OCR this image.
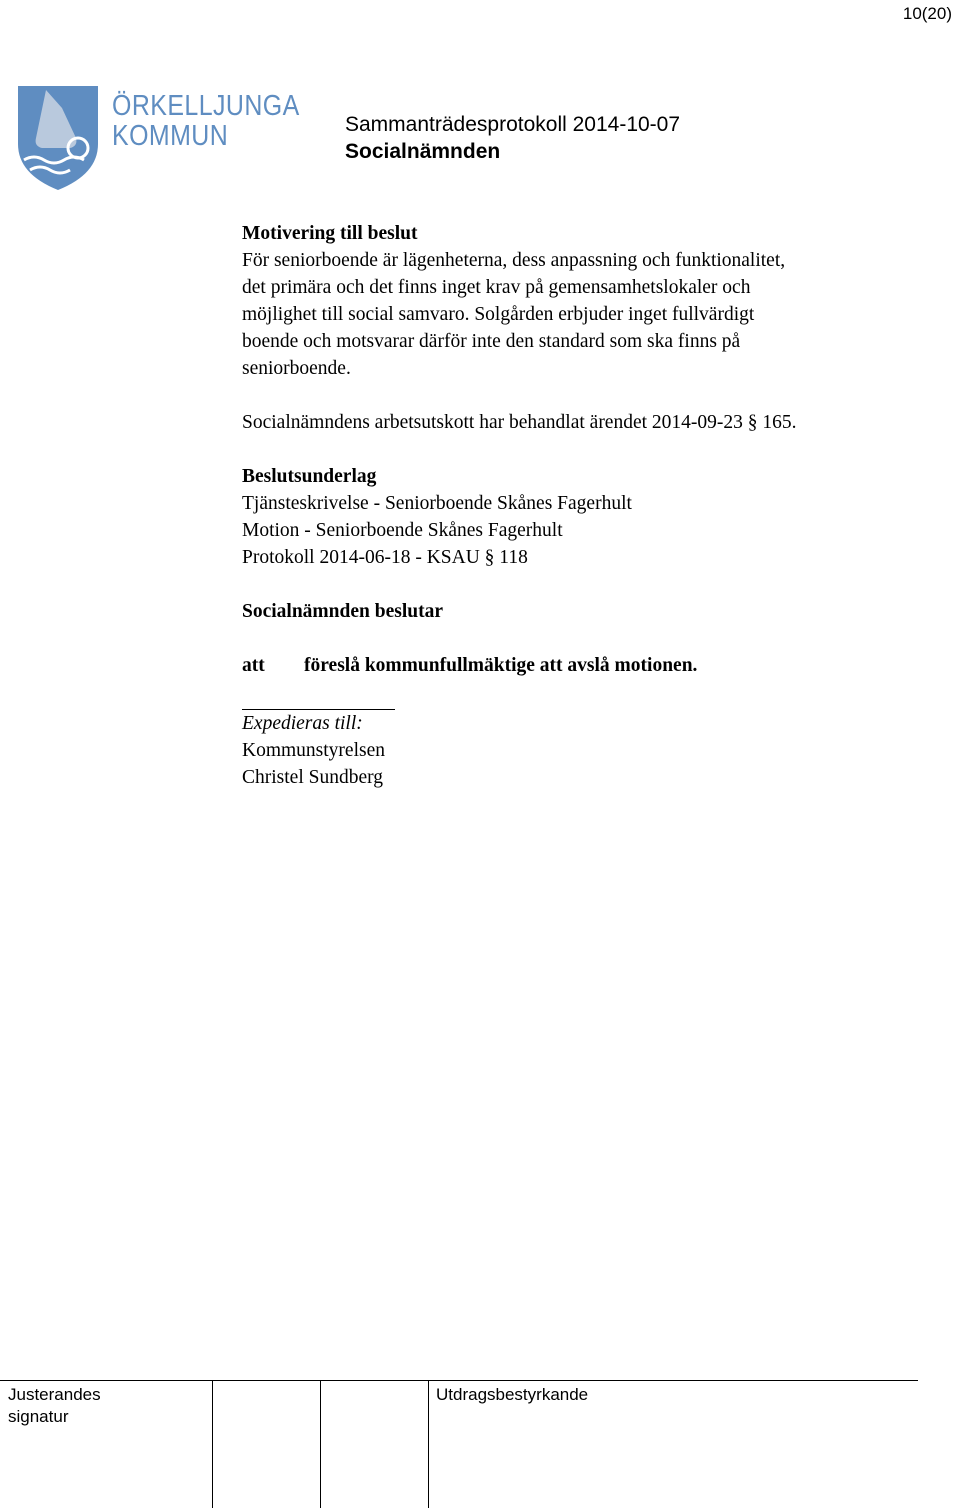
10(20)
ÖRKELLJUNGA
KOMMUN	Sammanträdesprotokoll 2014-10-07
Socialnämnden

Motivering till beslut

För seniorboende är lägenheterna, dess anpassning och funktionalitet,

det primära och det finns inget krav på gemensamhetslokaler och

möjlighet till social samvaro. Solgården erbjuder inget fullvärdigt

boende och motsvarar därför inte den standard som ska finns på

seniorboende.

Socialnämndens arbetsutskott har behandlat ärendet 2014-09-23 § 165.

Beslutsunderlag

Tjänsteskrivelse - Seniorboende Skånes Fagerhult

Motion - Seniorboende Skånes Fagerhult

Protokoll 2014-06-18 - KSAU § 118

Socialnämnden beslutar

att	föreslå kommunfullmäktige att avslå motionen.

Expedieras till:

Kommunstyrelsen

Christel Sundberg

Justerandes
signatur
Utdragsbestyrkande
